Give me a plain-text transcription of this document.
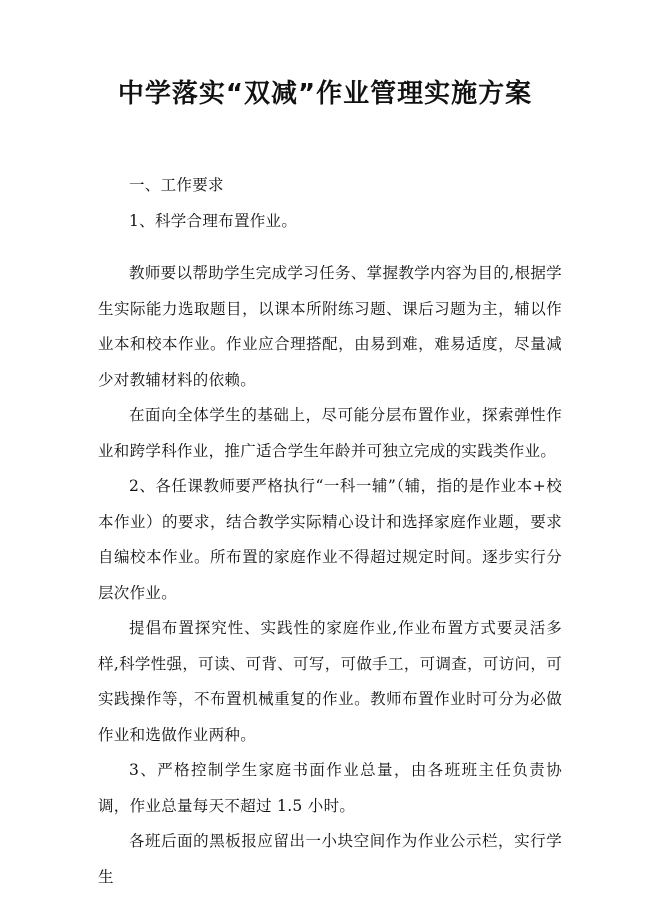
中学落实“双减”作业管理实施方案

一、工作要求

1、科学合理布置作业。

教师要以帮助学生完成学习任务、掌握教学内容为目的,根据学生实际能力选取题目，以课本所附练习题、课后习题为主，辅以作业本和校本作业。作业应合理搭配，由易到难，难易适度，尽量减少对教辅材料的依赖。

在面向全体学生的基础上，尽可能分层布置作业，探索弹性作业和跨学科作业，推广适合学生年龄并可独立完成的实践类作业。

2、各任课教师要严格执行“一科一辅”（辅，指的是作业本+校本作业）的要求，结合教学实际精心设计和选择家庭作业题，要求自编校本作业。所布置的家庭作业不得超过规定时间。逐步实行分层次作业。

提倡布置探究性、实践性的家庭作业,作业布置方式要灵活多样,科学性强，可读、可背、可写，可做手工，可调查，可访问，可实践操作等，不布置机械重复的作业。教师布置作业时可分为必做作业和选做作业两种。

3、严格控制学生家庭书面作业总量，由各班班主任负责协调，作业总量每天不超过 1.5 小时。

各班后面的黑板报应留出一小块空间作为作业公示栏，实行学生
